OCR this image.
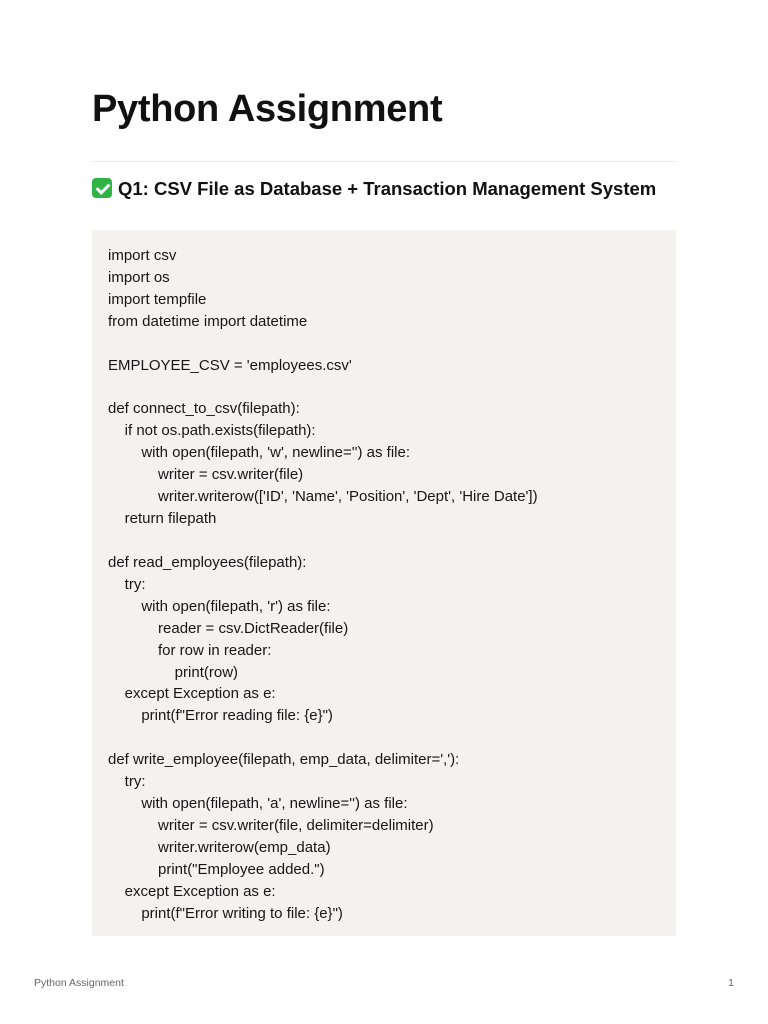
Python Assignment
Q1: CSV File as Database + Transaction Management System
import csv
import os
import tempfile
from datetime import datetime
EMPLOYEE_CSV = 'employees.csv'
def connect_to_csv(filepath):
if not os.path.exists(filepath):
with open(filepath, 'w', newline='') as file:
writer = csv.writer(file)
writer.writerow(['ID', 'Name', 'Position', 'Dept', 'Hire Date'])
return filepath
def read_employees(filepath):
try:
with open(filepath, 'r') as file:
reader = csv.DictReader(file)
for row in reader:
print(row)
except Exception as e:
print(f"Error reading file: {e}")
def write_employee(filepath, emp_data, delimiter=','):
try:
with open(filepath, 'a', newline='') as file:
writer = csv.writer(file, delimiter=delimiter)
writer.writerow(emp_data)
print("Employee added.")
except Exception as e:
print(f"Error writing to file: {e}")
Python Assignment	1
